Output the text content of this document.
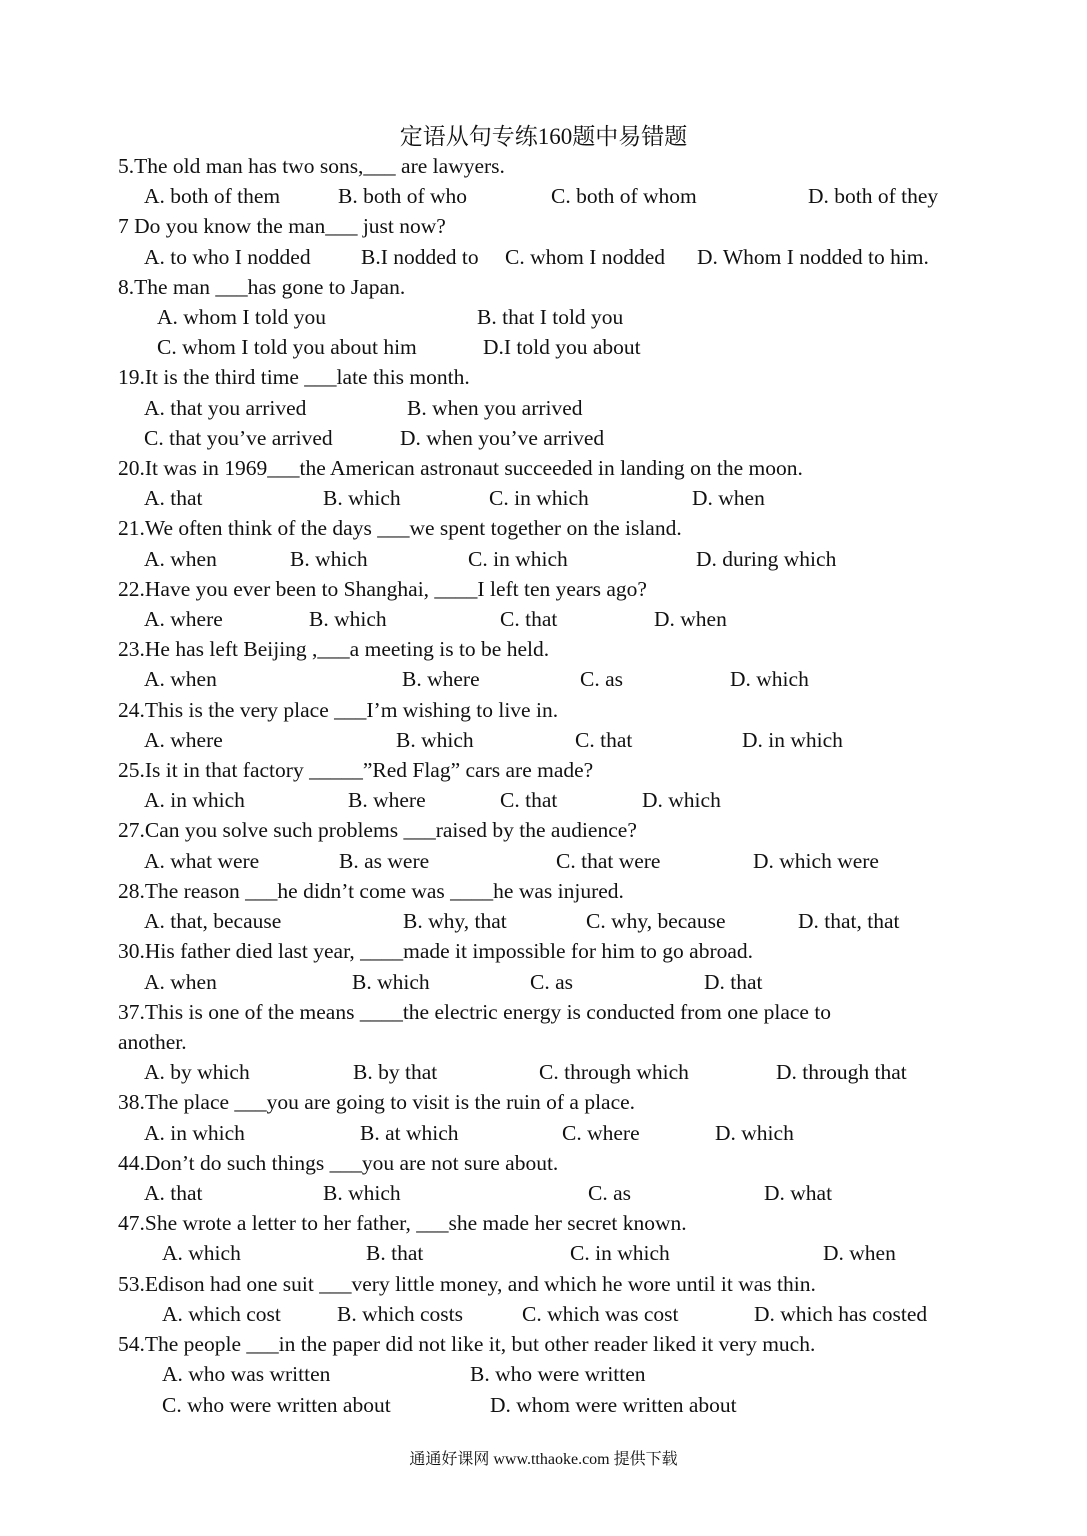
定语从句专练160题中易错题
5.The old man has two sons,___ are lawyers.
A. both of them	B. both of who	C. both of whom	D. both of they
7 Do you know the man___ just now?
A. to who I nodded B.I nodded to C. whom I nodded D. Whom I nodded to him.
8.The man ___has gone to Japan.
A. whom I told you	B. that I told you
C. whom I told you about him	D.I told you about
19.It is the third time ___late this month.
A. that you arrived	B. when you arrived
C. that you’ve arrived	D. when you’ve arrived
20.It was in 1969___the American astronaut succeeded in landing on the moon.
A. that	B. which	C. in which	D. when
21.We often think of the days ___we spent together on the island.
A. when	B. which	C. in which	D. during which
22.Have you ever been to Shanghai, ____I left ten years ago?
A. where	B. which	C. that	D. when
23.He has left Beijing ,___a meeting is to be held.
A. when	B. where	C. as	D. which
24.This is the very place ___I’m wishing to live in.
A. where	B. which	C. that	D. in which
25.Is it in that factory _____”Red Flag” cars are made?
A. in which	B. where	C. that	D. which
27.Can you solve such problems ___raised by the audience?
A. what were	B. as were	C. that were	D. which were
28.The reason ___he didn’t come was ____he was injured.
A. that, because	B. why, that	C. why, because	D. that, that
30.His father died last year, ____made it impossible for him to go abroad.
A. when	B. which	C. as	D. that
37.This is one of the means ____the electric energy is conducted from one place to
another.
A. by which	B. by that	C. through which	D. through that
38.The place ___you are going to visit is the ruin of a place.
A. in which	B. at which	C. where	D. which
44.Don’t do such things ___you are not sure about.
A. that	B. which	C. as	D. what
47.She wrote a letter to her father, ___she made her secret known.
A. which	B. that	C. in which	D. when
53.Edison had one suit ___very little money, and which he wore until it was thin.
A. which cost	B. which costs	C. which was cost	D. which has costed
54.The people ___in the paper did not like it, but other reader liked it very much.
A. who was written	B. who were written
C. who were written about	D. whom were written about
通通好课网 www.tthaoke.com 提供下载
